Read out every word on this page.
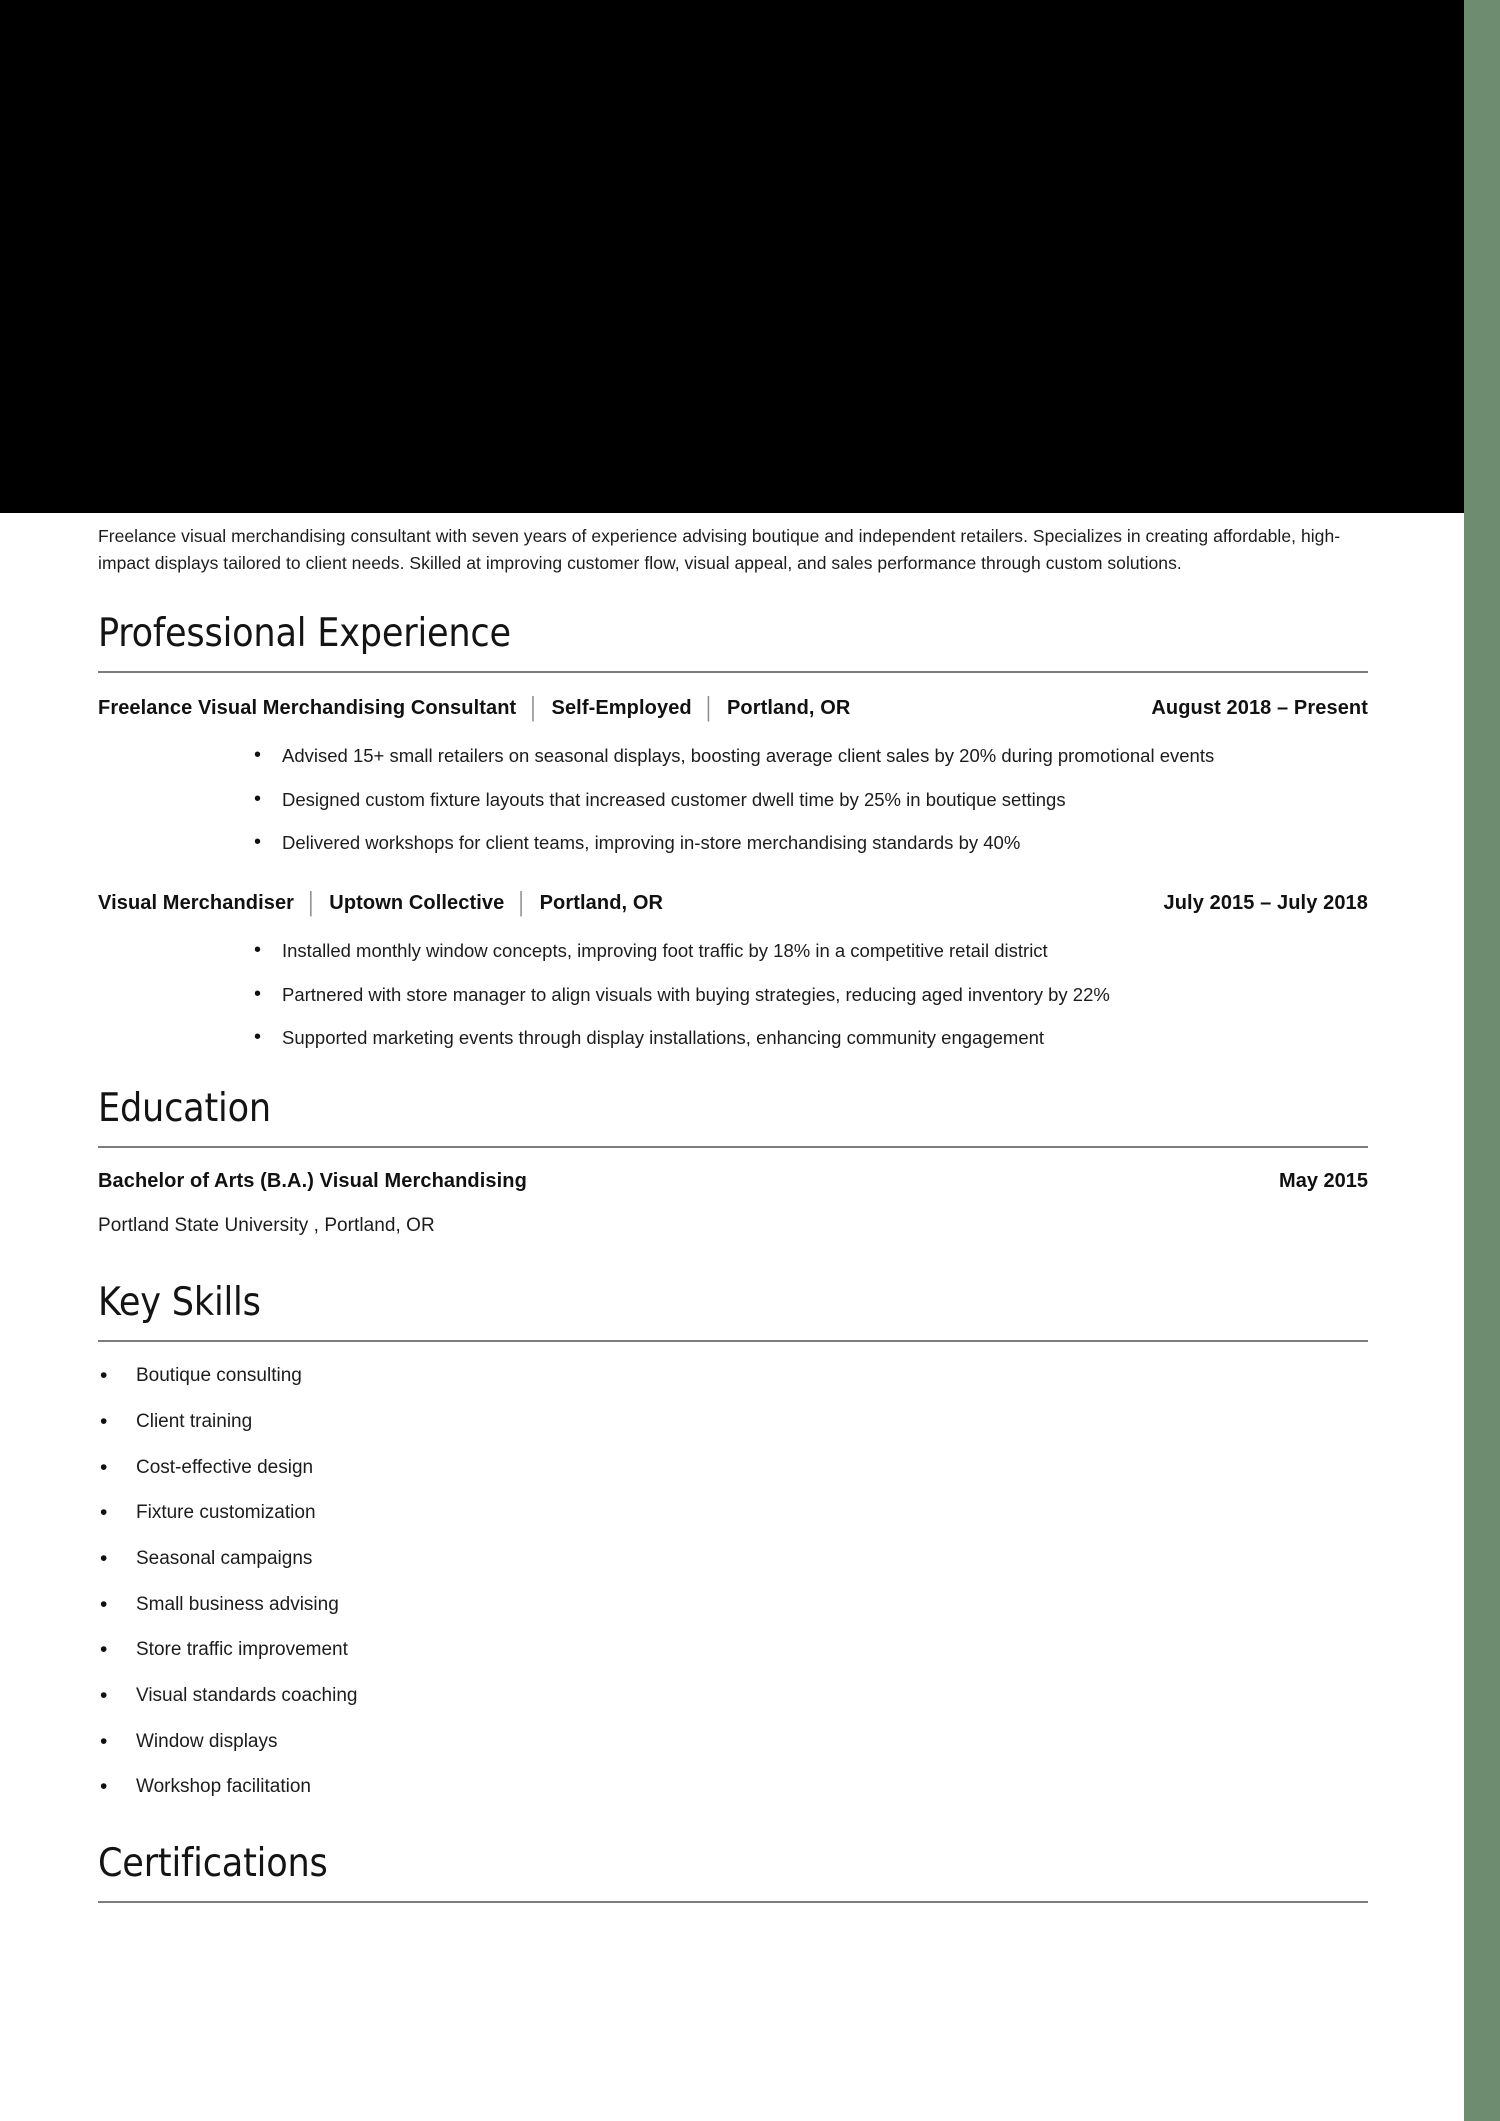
Freelance visual merchandising consultant with seven years of experience advising boutique and independent retailers. Specializes in creating affordable, high-impact displays tailored to client needs. Skilled at improving customer flow, visual appeal, and sales performance through custom solutions.

Professional Experience
Freelance Visual Merchandising Consultant │ Self-Employed │ Portland, OR	August 2018 – Present
• Advised 15+ small retailers on seasonal displays, boosting average client sales by 20% during promotional events
• Designed custom fixture layouts that increased customer dwell time by 25% in boutique settings
• Delivered workshops for client teams, improving in-store merchandising standards by 40%
Visual Merchandiser │ Uptown Collective │ Portland, OR	July 2015 – July 2018
• Installed monthly window concepts, improving foot traffic by 18% in a competitive retail district
• Partnered with store manager to align visuals with buying strategies, reducing aged inventory by 22%
• Supported marketing events through display installations, enhancing community engagement
Education
Bachelor of Arts (B.A.) Visual Merchandising	May 2015
Portland State University , Portland, OR
Key Skills
• Boutique consulting
• Client training
• Cost-effective design
• Fixture customization
• Seasonal campaigns
• Small business advising
• Store traffic improvement
• Visual standards coaching
• Window displays
• Workshop facilitation
Certifications
